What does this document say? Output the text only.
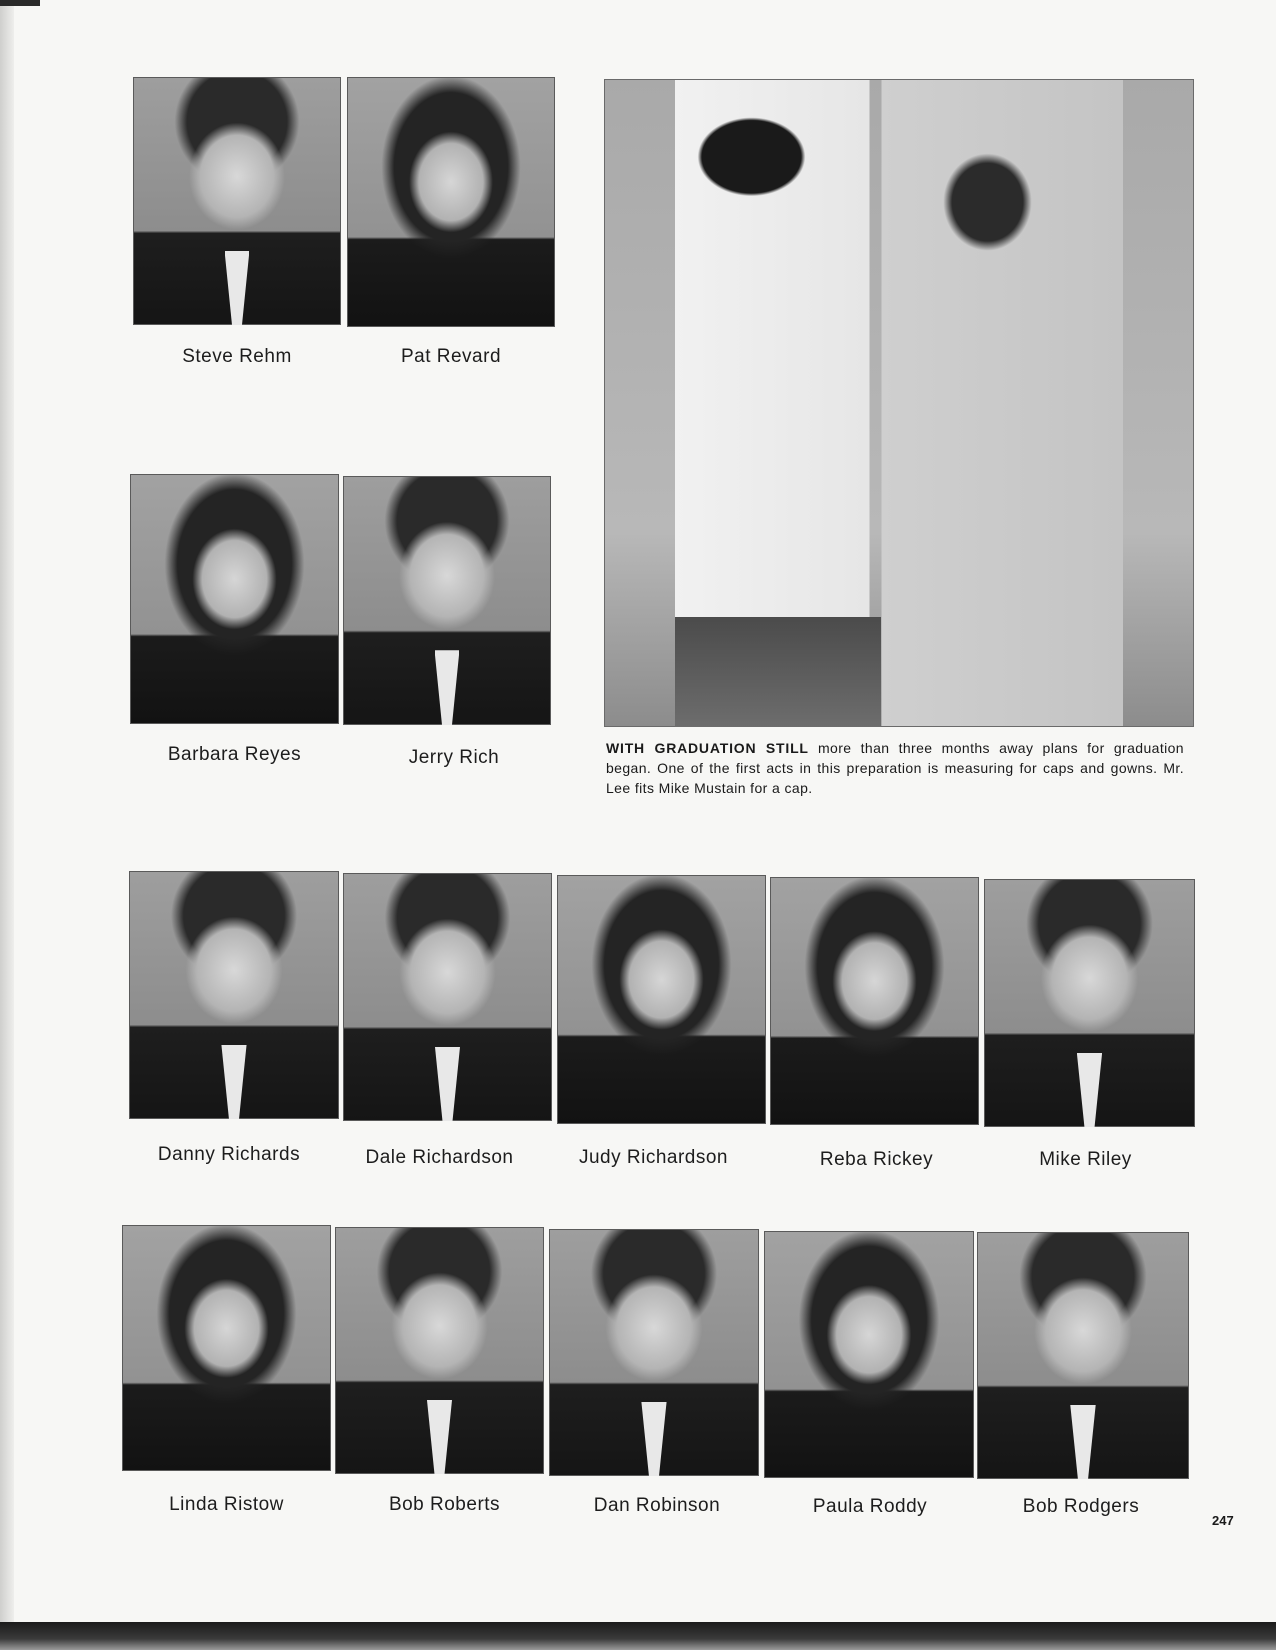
Steve Rehm	Pat Revard
Barbara Reyes	Jerry Rich	WITH GRADUATION STILL more than three months away plans for graduation began. One of the first acts in this preparation is measuring for caps and gowns. Mr. Lee fits Mike Mustain for a cap.
Danny Richards	Dale Richardson	Judy Richardson	Reba Rickey	Mike Riley
Linda Ristow	Bob Roberts	Dan Robinson	Paula Roddy	Bob Rodgers
247
